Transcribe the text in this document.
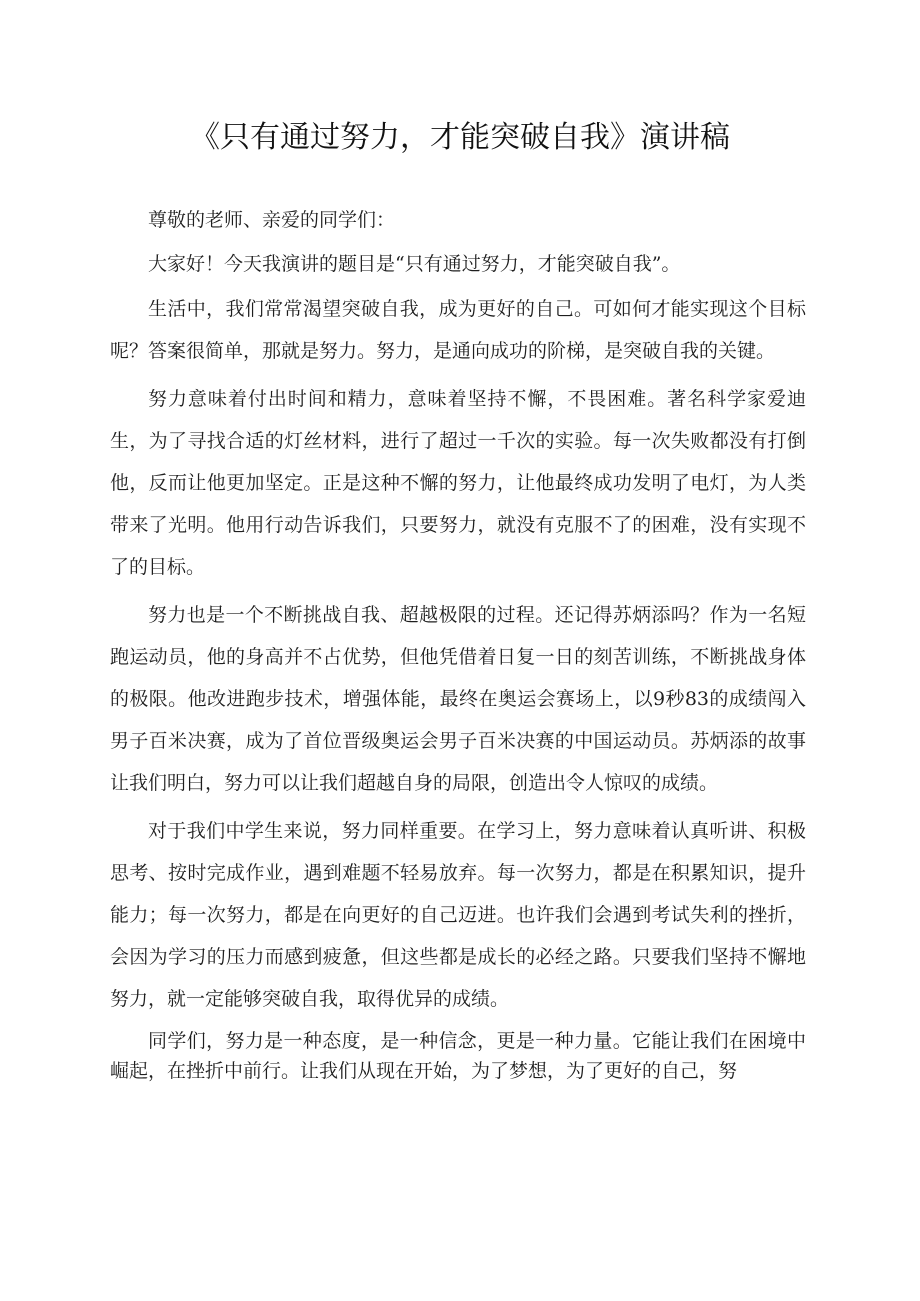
《只有通过努力，才能突破自我》演讲稿

尊敬的老师、亲爱的同学们：

大家好！今天我演讲的题目是“只有通过努力，才能突破自我”。

生活中，我们常常渴望突破自我，成为更好的自己。可如何才能实现这个目标呢？答案很简单，那就是努力。努力，是通向成功的阶梯，是突破自我的关键。

努力意味着付出时间和精力，意味着坚持不懈，不畏困难。著名科学家爱迪生，为了寻找合适的灯丝材料，进行了超过一千次的实验。每一次失败都没有打倒他，反而让他更加坚定。正是这种不懈的努力，让他最终成功发明了电灯，为人类带来了光明。他用行动告诉我们，只要努力，就没有克服不了的困难，没有实现不了的目标。

努力也是一个不断挑战自我、超越极限的过程。还记得苏炳添吗？作为一名短跑运动员，他的身高并不占优势，但他凭借着日复一日的刻苦训练，不断挑战身体的极限。他改进跑步技术，增强体能，最终在奥运会赛场上，以9秒83的成绩闯入男子百米决赛，成为了首位晋级奥运会男子百米决赛的中国运动员。苏炳添的故事让我们明白，努力可以让我们超越自身的局限，创造出令人惊叹的成绩。

对于我们中学生来说，努力同样重要。在学习上，努力意味着认真听讲、积极思考、按时完成作业，遇到难题不轻易放弃。每一次努力，都是在积累知识，提升能力；每一次努力，都是在向更好的自己迈进。也许我们会遇到考试失利的挫折，会因为学习的压力而感到疲惫，但这些都是成长的必经之路。只要我们坚持不懈地努力，就一定能够突破自我，取得优异的成绩。

同学们，努力是一种态度，是一种信念，更是一种力量。它能让我们在困境中崛起，在挫折中前行。让我们从现在开始，为了梦想，为了更好的自己，努
